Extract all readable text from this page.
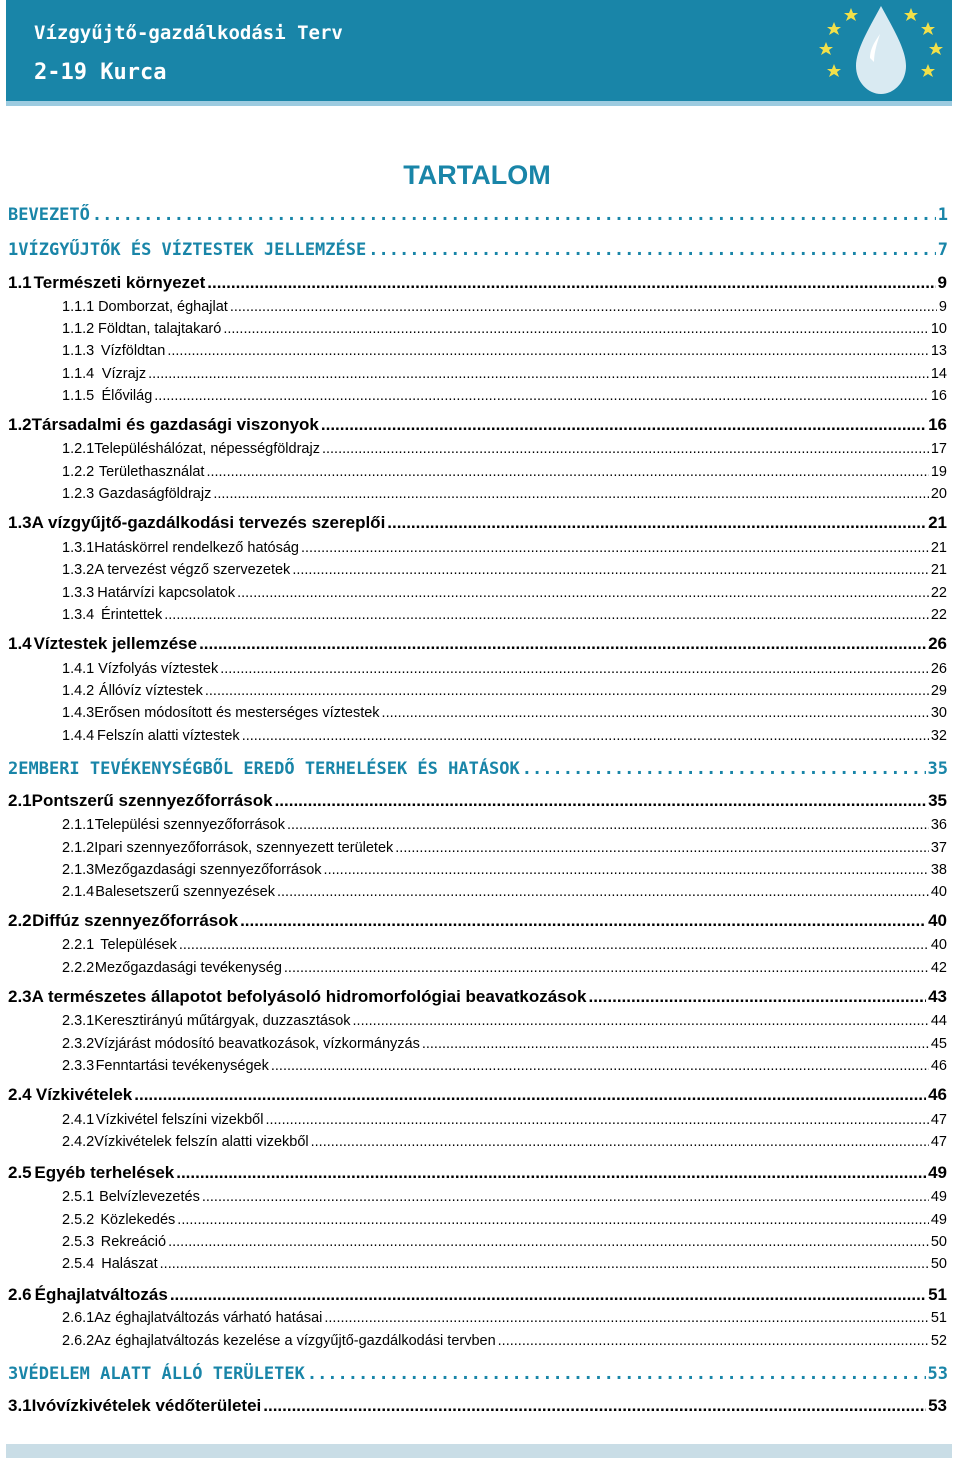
Vízgyűjtő-gazdálkodási Terv
2-19 Kurca
TARTALOM
BEVEZETŐ .....	1
1 VÍZGYŰJTŐK ÉS VÍZTESTEK JELLEMZÉSE .....	7
1.1 Természeti környezet .....	9
1.1.1 Domborzat, éghajlat .....	9
1.1.2 Földtan, talajtakaró .....	10
1.1.3 Vízföldtan .....	13
1.1.4 Vízrajz .....	14
1.1.5 Élővilág .....	16
1.2 Társadalmi és gazdasági viszonyok .....	16
1.2.1 Településhálózat, népességföldrajz .....	17
1.2.2 Területhasználat .....	19
1.2.3 Gazdaságföldrajz .....	20
1.3 A vízgyűjtő-gazdálkodási tervezés szereplői .....	21
1.3.1 Hatáskörrel rendelkező hatóság .....	21
1.3.2 A tervezést végző szervezetek .....	21
1.3.3 Határvízi kapcsolatok .....	22
1.3.4 Érintettek .....	22
1.4 Víztestek jellemzése .....	26
1.4.1 Vízfolyás víztestek .....	26
1.4.2 Állóvíz víztestek .....	29
1.4.3 Erősen módosított és mesterséges víztestek .....	30
1.4.4 Felszín alatti víztestek .....	32
2 EMBERI TEVÉKENYSÉGBŐL EREDŐ TERHELÉSEK ÉS HATÁSOK .....	35
2.1 Pontszerű szennyezőforrások .....	35
2.1.1 Települési szennyezőforrások .....	36
2.1.2 Ipari szennyezőforrások, szennyezett területek .....	37
2.1.3 Mezőgazdasági szennyezőforrások .....	38
2.1.4 Balesetszerű szennyezések .....	40
2.2 Diffúz szennyezőforrások .....	40
2.2.1 Települések .....	40
2.2.2 Mezőgazdasági tevékenység .....	42
2.3 A természetes állapotot befolyásoló hidromorfológiai beavatkozások .....	43
2.3.1 Keresztirányú műtárgyak, duzzasztások .....	44
2.3.2 Vízjárást módosító beavatkozások, vízkormányzás .....	45
2.3.3 Fenntartási tevékenységek .....	46
2.4 Vízkivételek .....	46
2.4.1 Vízkivétel felszíni vizekből .....	47
2.4.2 Vízkivételek felszín alatti vizekből .....	47
2.5 Egyéb terhelések .....	49
2.5.1 Belvízlevezetés .....	49
2.5.2 Közlekedés .....	49
2.5.3 Rekreáció .....	50
2.5.4 Halászat .....	50
2.6 Éghajlatváltozás .....	51
2.6.1 Az éghajlatváltozás várható hatásai .....	51
2.6.2 Az éghajlatváltozás kezelése a vízgyűjtő-gazdálkodási tervben .....	52
3 VÉDELEM ALATT ÁLLÓ TERÜLETEK .....	53
3.1 Ivóvízkivételek védőterületei .....	53
